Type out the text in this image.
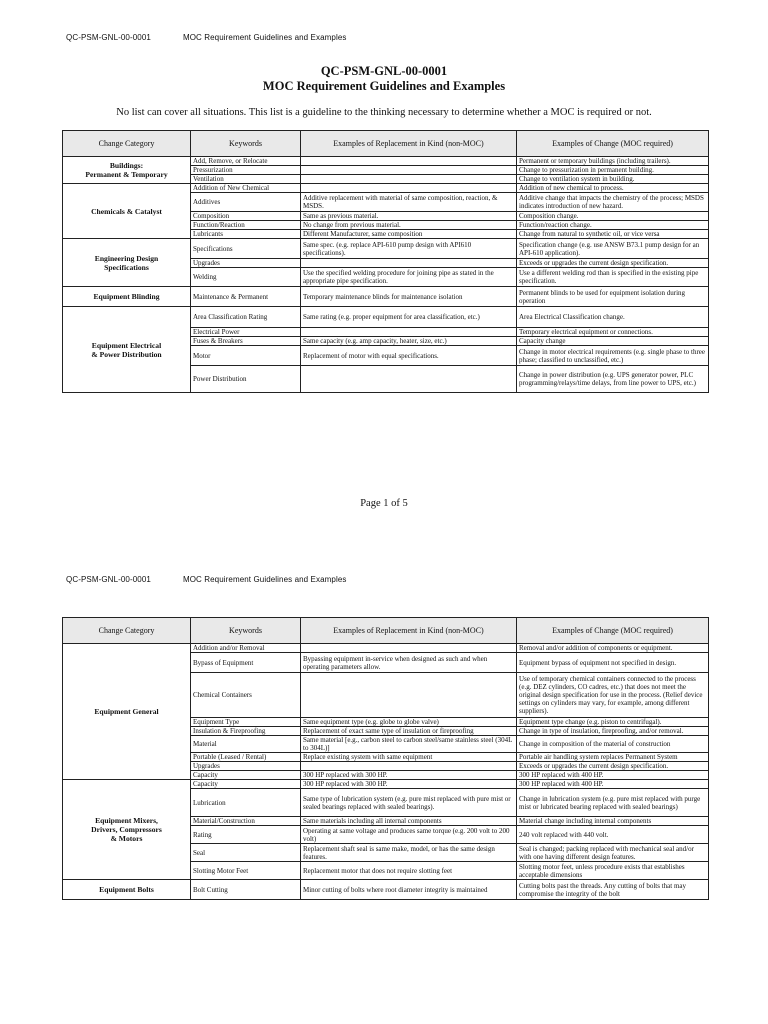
QC-PSM-GNL-00-0001	MOC Requirement Guidelines and Examples
QC-PSM-GNL-00-0001
MOC Requirement Guidelines and Examples
No list can cover all situations. This list is a guideline to the thinking necessary to determine whether a MOC is required or not.
Change Category	Keywords	Examples of Replacement in Kind (non-MOC)	Examples of Change (MOC required)
Buildings:
Permanent & Temporary	Add, Remove, or Relocate		Permanent or temporary buildings (including trailers).
	Pressurization		Change to pressurization in permanent building.
	Ventilation		Change to ventilation system in building.
Chemicals & Catalyst	Addition of New Chemical		Addition of new chemical to process.
	Additives	Additive replacement with material of same composition, reaction, & MSDS.	Additive change that impacts the chemistry of the process; MSDS indicates introduction of new hazard.
	Composition	Same as previous material.	Composition change.
	Function/Reaction	No change from previous material.	Function/reaction change.
	Lubricants	Different Manufacturer, same composition	Change from natural to synthetic oil, or vice versa
Engineering Design
Specifications	Specifications	Same spec. (e.g. replace API-610 pump design with API610 specifications).	Specification change (e.g. use ANSW B73.1 pump design for an API-610 application).
	Upgrades		Exceeds or upgrades the current design specification.
	Welding	Use the specified welding procedure for joining pipe as stated in the appropriate pipe specification.	Use a different welding rod than is specified in the existing pipe specification.
Equipment Blinding	Maintenance & Permanent	Temporary maintenance blinds for maintenance isolation	Permanent blinds to be used for equipment isolation during operation
Equipment Electrical
& Power Distribution	Area Classification Rating	Same rating (e.g. proper equipment for area classification, etc.)	Area Electrical Classification change.
	Electrical Power		Temporary electrical equipment or connections.
	Fuses & Breakers	Same capacity (e.g. amp capacity, heater, size, etc.)	Capacity change
	Motor	Replacement of motor with equal specifications.	Change in motor electrical requirements (e.g. single phase to three phase; classified to unclassified, etc.)
	Power Distribution		Change in power distribution (e.g. UPS generator power, PLC programming/relays/time delays, from line power to UPS, etc.)
Page 1 of 5
QC-PSM-GNL-00-0001	MOC Requirement Guidelines and Examples
Change Category	Keywords	Examples of Replacement in Kind (non-MOC)	Examples of Change (MOC required)
Equipment General	Addition and/or Removal		Removal and/or addition of components or equipment.
	Bypass of Equipment	Bypassing equipment in-service when designed as such and when operating parameters allow.	Equipment bypass of equipment not specified in design.
	Chemical Containers		Use of temporary chemical containers connected to the process (e.g. DEZ cylinders, CO cadres, etc.) that does not meet the original design specification for use in the process. (Relief device settings on cylinders may vary, for example, among different suppliers).
	Equipment Type	Same equipment type (e.g. globe to globe valve)	Equipment type change (e.g. piston to centrifugal).
	Insulation & Fireproofing	Replacement of exact same type of insulation or fireproofing	Change in type of insulation, fireproofing, and/or removal.
	Material	Same material [e.g., carbon steel to carbon steel/same stainless steel (304L to 304L)]	Change in composition of the material of construction
	Portable (Leased / Rental)	Replace existing system with same equipment	Portable air handling system replaces Permanent System
	Upgrades		Exceeds or upgrades the current design specification.
	Capacity	300 HP replaced with 300 HP.	300 HP replaced with 400 HP.
Equipment Mixers,
Drivers, Compressors
& Motors	Capacity	300 HP replaced with 300 HP.	300 HP replaced with 400 HP.
	Lubrication	Same type of lubrication system (e.g. pure mist replaced with pure mist or sealed bearings replaced with sealed bearings).	Change in lubrication system (e.g. pure mist replaced with purge mist or lubricated bearing replaced with sealed bearings)
	Material/Construction	Same materials including all internal components	Material change including internal components
	Rating	Operating at same voltage and produces same torque (e.g. 200 volt to 200 volt)	240 volt replaced with 440 volt.
	Seal	Replacement shaft seal is same make, model, or has the same design features.	Seal is changed; packing replaced with mechanical seal and/or with one having different design features.
	Slotting Motor Feet	Replacement motor that does not require slotting feet	Slotting motor feet, unless procedure exists that establishes acceptable dimensions
Equipment Bolts	Bolt Cutting	Minor cutting of bolts where root diameter integrity is maintained	Cutting bolts past the threads. Any cutting of bolts that may compromise the integrity of the bolt
